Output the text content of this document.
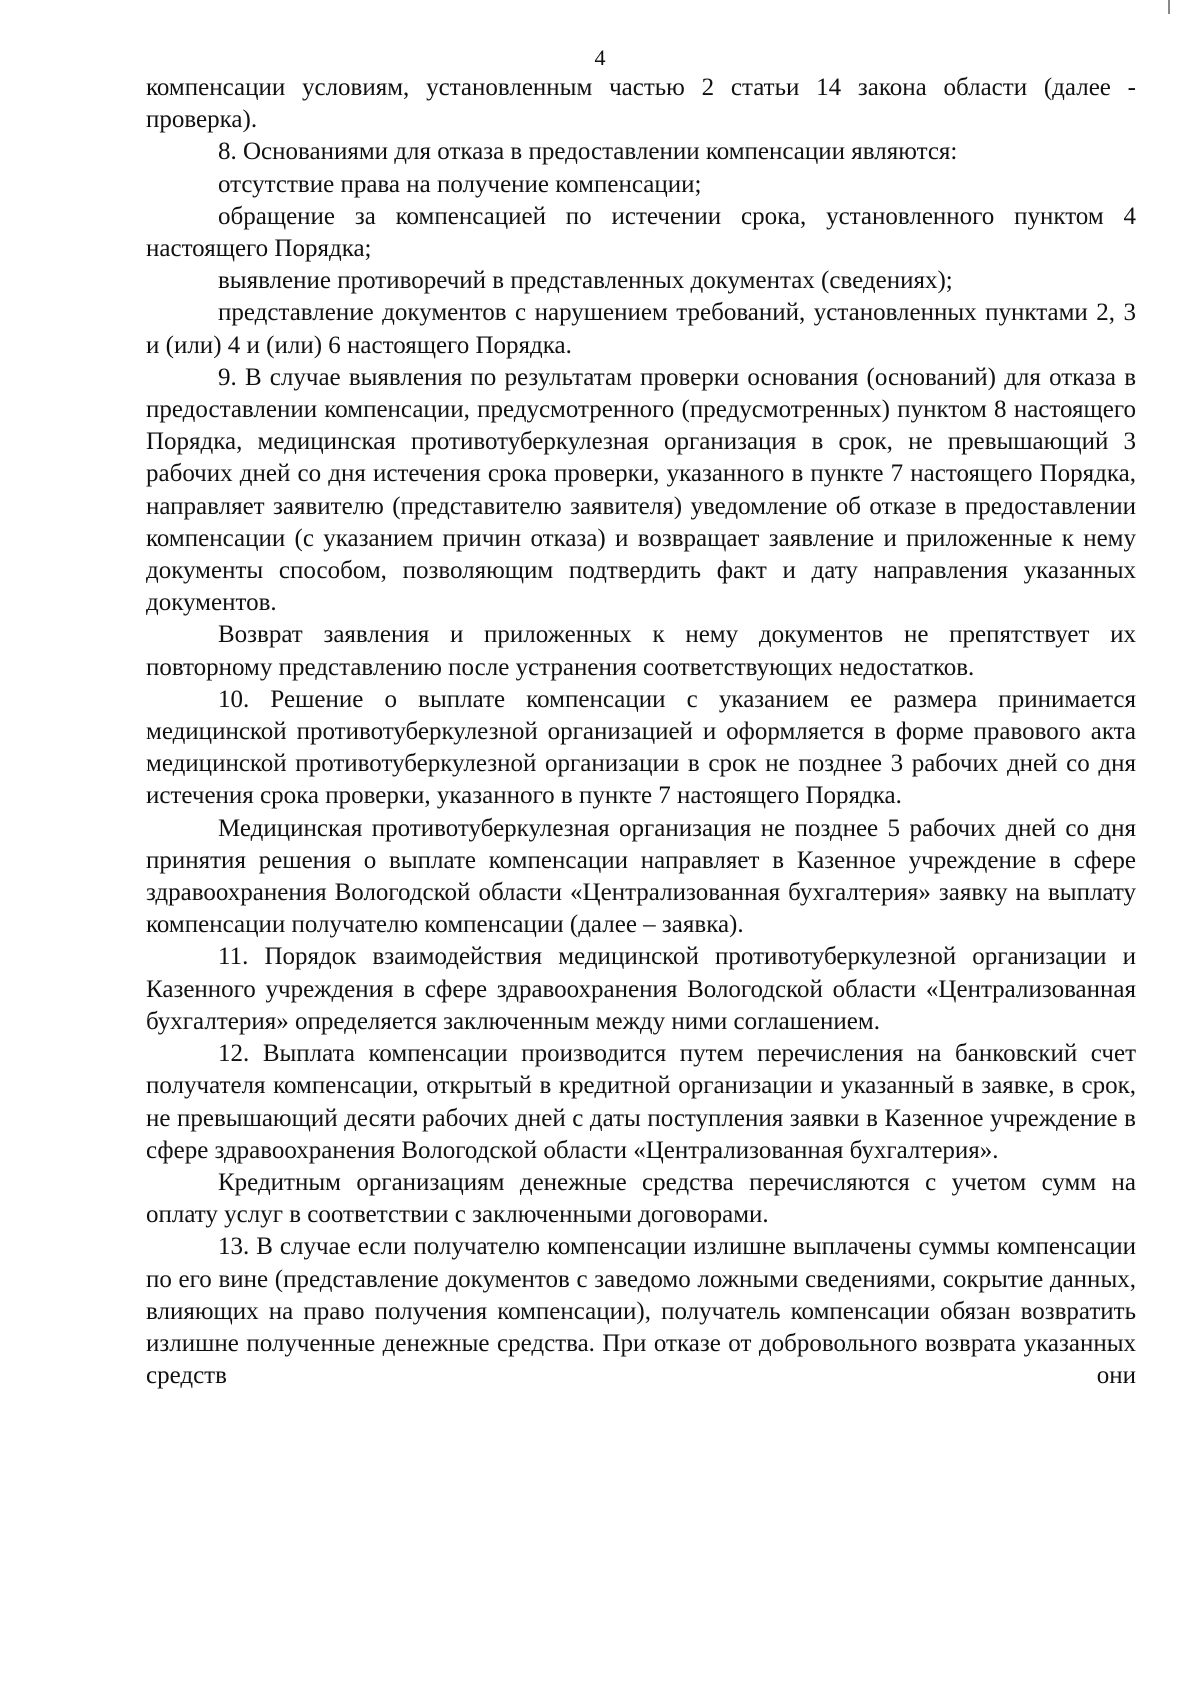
4

компенсации условиям, установленным частью 2 статьи 14 закона области (далее - проверка).

8. Основаниями для отказа в предоставлении компенсации являются:

отсутствие права на получение компенсации;

обращение за компенсацией по истечении срока, установленного пунктом 4 настоящего Порядка;

выявление противоречий в представленных документах (сведениях);

представление документов с нарушением требований, установленных пунктами 2, 3 и (или) 4 и (или) 6 настоящего Порядка.

9. В случае выявления по результатам проверки основания (оснований) для отказа в предоставлении компенсации, предусмотренного (предусмотренных) пунктом 8 настоящего Порядка, медицинская противотуберкулезная организация в срок, не превышающий 3 рабочих дней со дня истечения срока проверки, указанного в пункте 7 настоящего Порядка, направляет заявителю (представителю заявителя) уведомление об отказе в предоставлении компенсации (с указанием причин отказа) и возвращает заявление и приложенные к нему документы способом, позволяющим подтвердить факт и дату направления указанных документов.

Возврат заявления и приложенных к нему документов не препятствует их повторному представлению после устранения соответствующих недостатков.

10. Решение о выплате компенсации с указанием ее размера принимается медицинской противотуберкулезной организацией и оформляется в форме правового акта медицинской противотуберкулезной организации в срок не позднее 3 рабочих дней со дня истечения срока проверки, указанного в пункте 7 настоящего Порядка.

Медицинская противотуберкулезная организация не позднее 5 рабочих дней со дня принятия решения о выплате компенсации направляет в Казенное учреждение в сфере здравоохранения Вологодской области «Централизованная бухгалтерия» заявку на выплату компенсации получателю компенсации (далее – заявка).

11. Порядок взаимодействия медицинской противотуберкулезной организации и Казенного учреждения в сфере здравоохранения Вологодской области «Централизованная бухгалтерия» определяется заключенным между ними соглашением.

12. Выплата компенсации производится путем перечисления на банковский счет получателя компенсации, открытый в кредитной организации и указанный в заявке, в срок, не превышающий десяти рабочих дней с даты поступления заявки в Казенное учреждение в сфере здравоохранения Вологодской области «Централизованная бухгалтерия».

Кредитным организациям денежные средства перечисляются с учетом сумм на оплату услуг в соответствии с заключенными договорами.

13. В случае если получателю компенсации излишне выплачены суммы компенсации по его вине (представление документов с заведомо ложными сведениями, сокрытие данных, влияющих на право получения компенсации), получатель компенсации обязан возвратить излишне полученные денежные средства. При отказе от добровольного возврата указанных средств они
